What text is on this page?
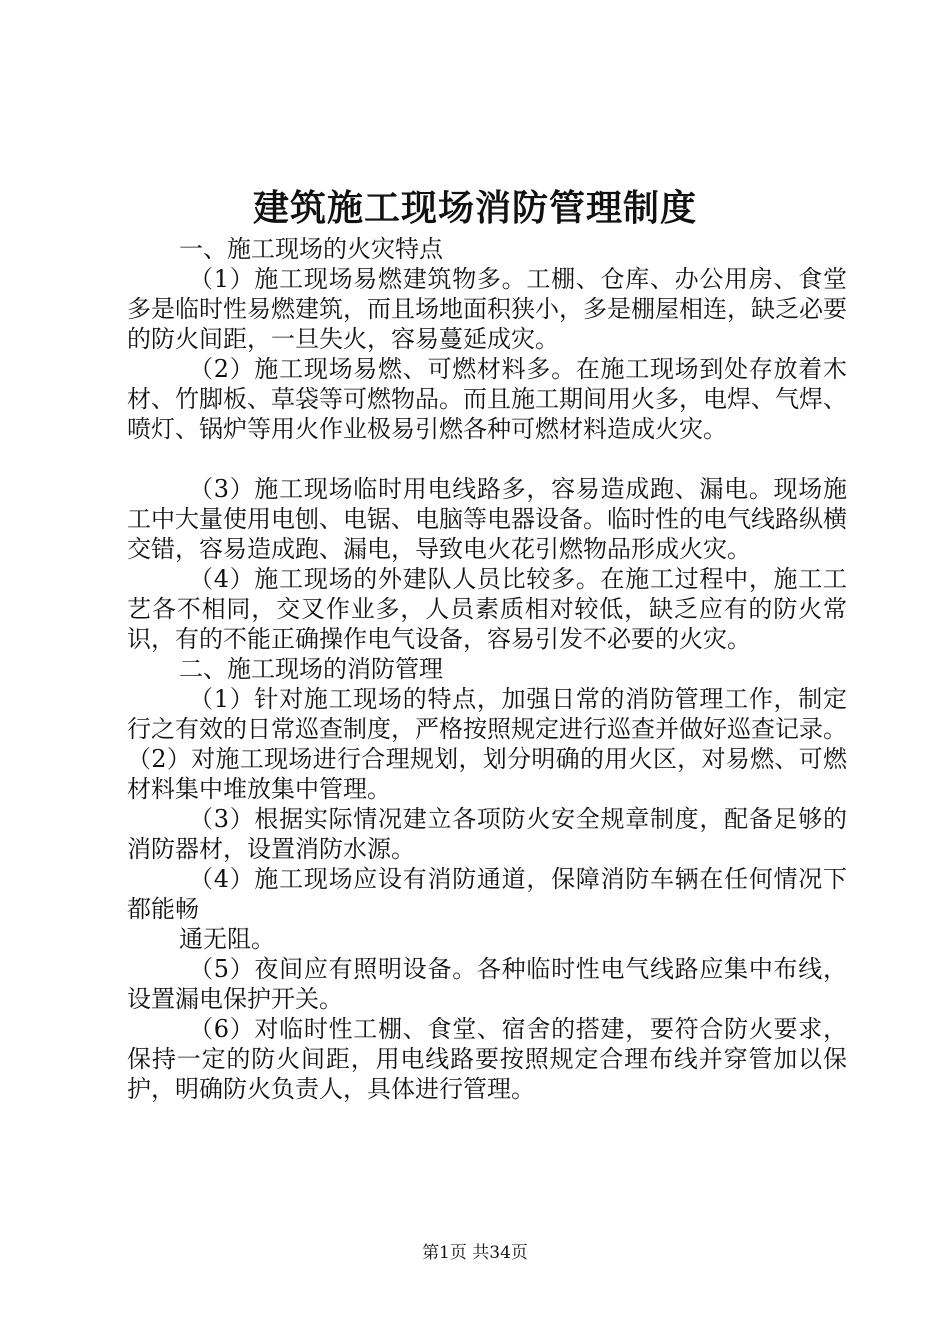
建筑施工现场消防管理制度

一、施工现场的火灾特点

（1）施工现场易燃建筑物多。工棚、仓库、办公用房、食堂多是临时性易燃建筑，而且场地面积狭小，多是棚屋相连，缺乏必要的防火间距，一旦失火，容易蔓延成灾。

（2）施工现场易燃、可燃材料多。在施工现场到处存放着木材、竹脚板、草袋等可燃物品。而且施工期间用火多，电焊、气焊、喷灯、锅炉等用火作业极易引燃各种可燃材料造成火灾。

（3）施工现场临时用电线路多，容易造成跑、漏电。现场施工中大量使用电刨、电锯、电脑等电器设备。临时性的电气线路纵横交错，容易造成跑、漏电，导致电火花引燃物品形成火灾。

（4）施工现场的外建队人员比较多。在施工过程中，施工工艺各不相同，交叉作业多，人员素质相对较低，缺乏应有的防火常识，有的不能正确操作电气设备，容易引发不必要的火灾。

二、施工现场的消防管理

（1）针对施工现场的特点，加强日常的消防管理工作，制定行之有效的日常巡查制度，严格按照规定进行巡查并做好巡查记录。（2）对施工现场进行合理规划，划分明确的用火区，对易燃、可燃材料集中堆放集中管理。

（3）根据实际情况建立各项防火安全规章制度，配备足够的消防器材，设置消防水源。

（4）施工现场应设有消防通道，保障消防车辆在任何情况下都能畅

通无阻。

（5）夜间应有照明设备。各种临时性电气线路应集中布线，设置漏电保护开关。

（6）对临时性工棚、食堂、宿舍的搭建，要符合防火要求，保持一定的防火间距，用电线路要按照规定合理布线并穿管加以保护，明确防火负责人，具体进行管理。

第1页 共34页
